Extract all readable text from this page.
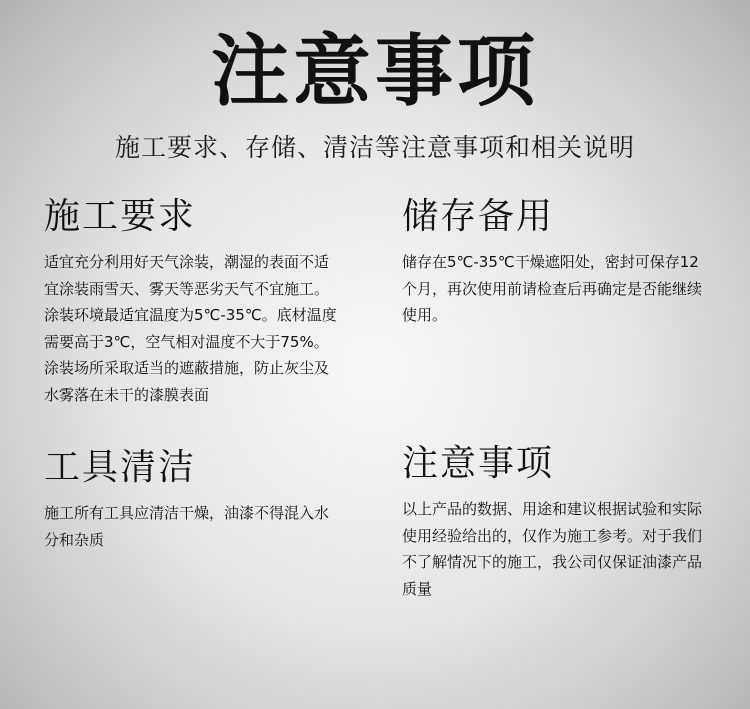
注意事项
施工要求、存储、清洁等注意事项和相关说明
施工要求
适宜充分利用好天气涂装，潮湿的表面不适宜涂装雨雪天、雾天等恶劣天气不宜施工。涂装环境最适宜温度为5℃-35℃。底材温度需要高于3℃，空气相对温度不大于75%。涂装场所采取适当的遮蔽措施，防止灰尘及水雾落在未干的漆膜表面
储存备用
储存在5℃-35℃干燥遮阳处，密封可保存12个月，再次使用前请检查后再确定是否能继续使用。
工具清洁
施工所有工具应清洁干燥，油漆不得混入水分和杂质
注意事项
以上产品的数据、用途和建议根据试验和实际使用经验给出的，仅作为施工参考。对于我们不了解情况下的施工，我公司仅保证油漆产品质量
